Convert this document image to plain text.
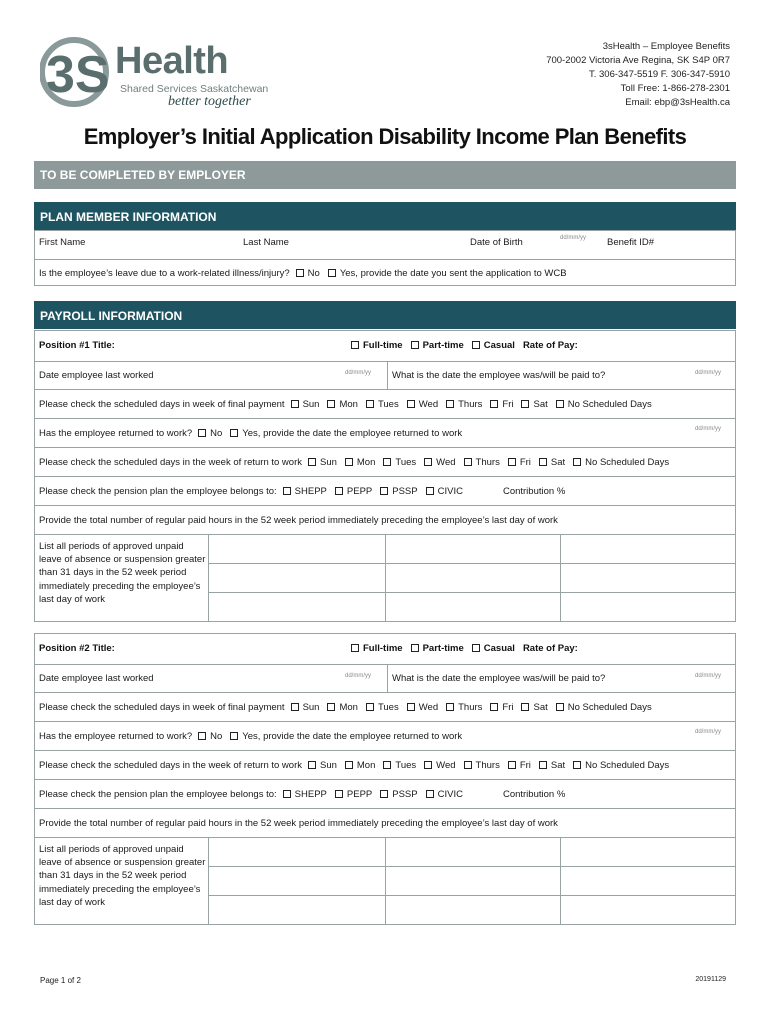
3S Health
Shared Services Saskatchewan
better together
3sHealth – Employee Benefits
700-2002 Victoria Ave Regina, SK S4P 0R7
T. 306-347-5519 F. 306-347-5910
Toll Free: 1-866-278-2301
Email: ebp@3sHealth.ca
Employer’s Initial Application Disability Income Plan Benefits
TO BE COMPLETED BY EMPLOYER
PLAN MEMBER INFORMATION
First Name	Last Name	Date of Birth	dd/mm/yy Benefit ID#
Is the employee’s leave due to a work-related illness/injury? No Yes, provide the date you sent the application to WCB
PAYROLL INFORMATION
Position #1 Title:	Full-time Part-time Casual Rate of Pay:
Date employee last worked	dd/mm/yy What is the date the employee was/will be paid to?	dd/mm/yy
Please check the scheduled days in week of final payment Sun Mon Tues Wed Thurs Fri Sat No Scheduled Days
Has the employee returned to work? No Yes, provide the date the employee returned to work	dd/mm/yy
Please check the scheduled days in the week of return to work Sun Mon Tues Wed Thurs Fri Sat No Scheduled Days
Please check the pension plan the employee belongs to: SHEPP PEPP PSSP CIVIC	Contribution %
Provide the total number of regular paid hours in the 52 week period immediately preceding the employee’s last day of work
List all periods of approved unpaid leave of absence or suspension greater than 31 days in the 52 week period immediately preceding the employee’s last day of work
Position #2 Title:	Full-time Part-time Casual Rate of Pay:
Date employee last worked	dd/mm/yy What is the date the employee was/will be paid to?	dd/mm/yy
Please check the scheduled days in week of final payment Sun Mon Tues Wed Thurs Fri Sat No Scheduled Days
Has the employee returned to work? No Yes, provide the date the employee returned to work	dd/mm/yy
Please check the scheduled days in the week of return to work Sun Mon Tues Wed Thurs Fri Sat No Scheduled Days
Please check the pension plan the employee belongs to: SHEPP PEPP PSSP CIVIC	Contribution %
Provide the total number of regular paid hours in the 52 week period immediately preceding the employee’s last day of work
List all periods of approved unpaid leave of absence or suspension greater than 31 days in the 52 week period immediately preceding the employee’s last day of work
Page 1 of 2	20191129
